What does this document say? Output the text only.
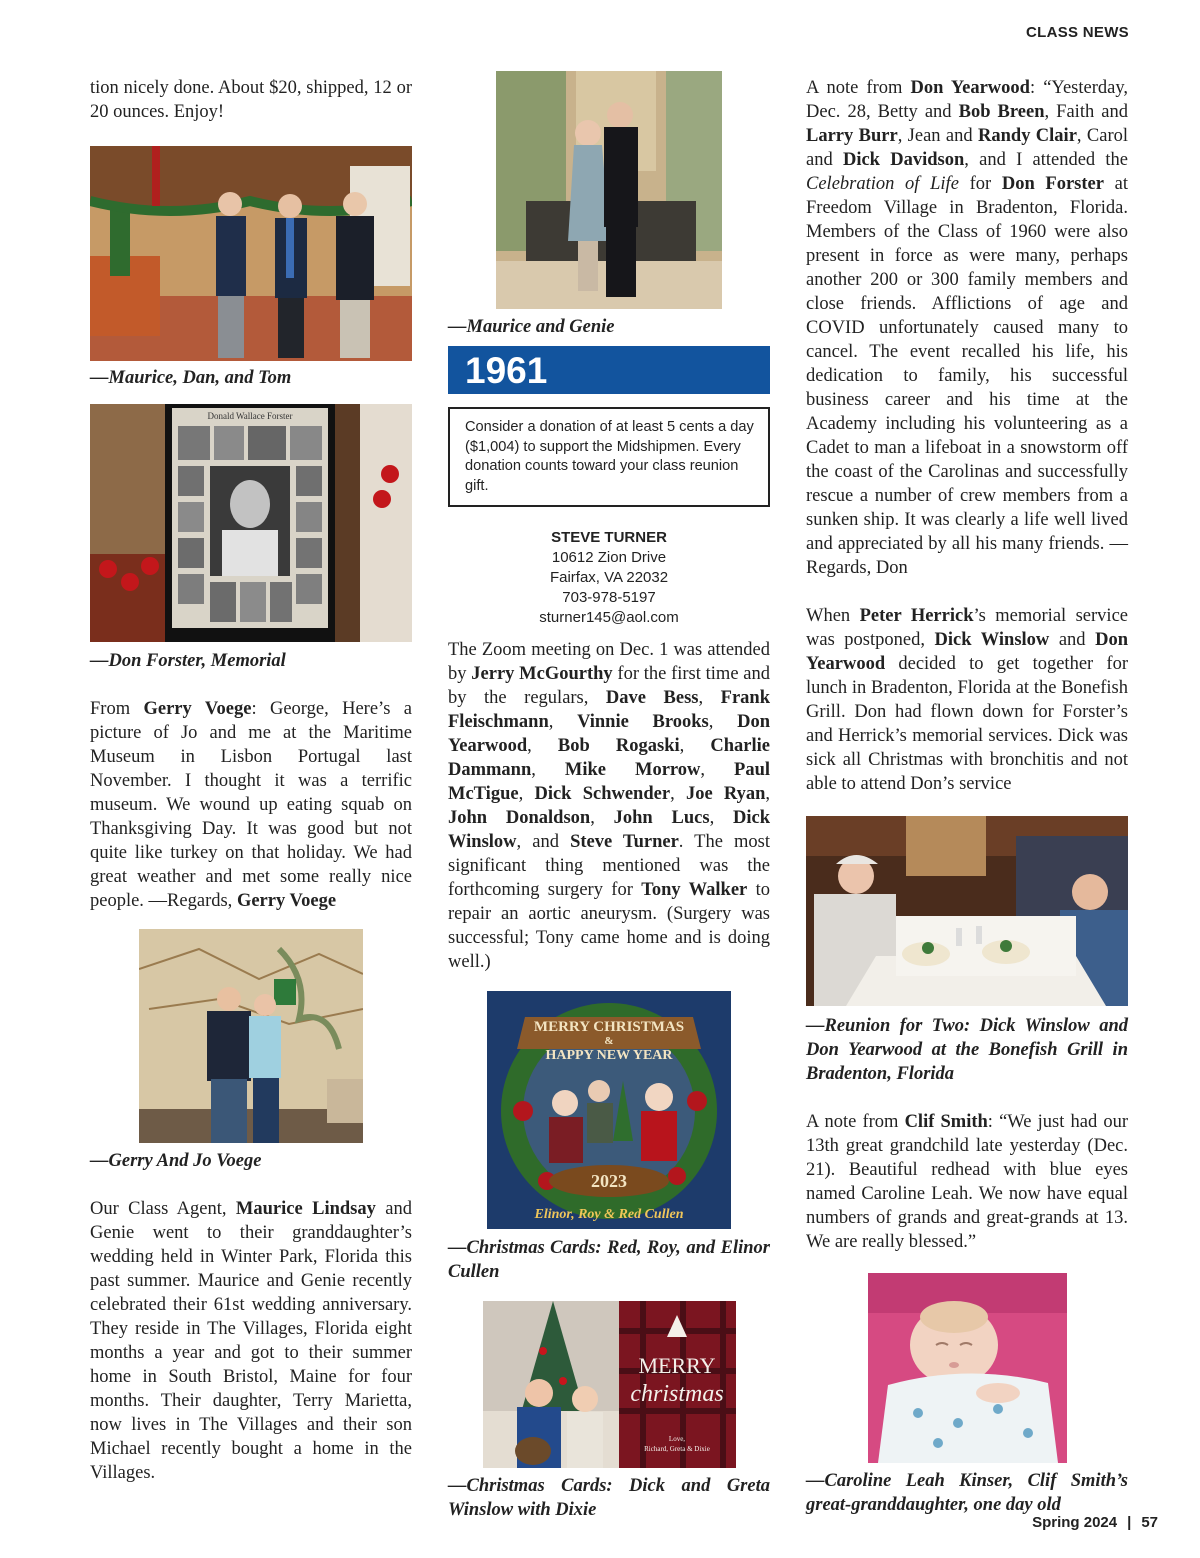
CLASS NEWS

tion nicely done. About $20, shipped, 12 or 20 ounces. Enjoy!

—Maurice, Dan, and Tom
Donald Wallace Forster
—Don Forster, Memorial

From Gerry Voege: George, Here’s a picture of Jo and me at the Maritime Museum in Lisbon Portugal last November. I thought it was a terrific museum. We wound up eating squab on Thanksgiving Day. It was good but not quite like turkey on that holiday. We had great weather and met some really nice people. —Regards, Gerry Voege

—Gerry And Jo Voege

Our Class Agent, Maurice Lindsay and Genie went to their granddaughter’s wedding held in Winter Park, Florida this past summer. Maurice and Genie recently celebrated their 61st wedding anniversary. They reside in The Villages, Florida eight months a year and got to their summer home in South Bristol, Maine for four months. Their daughter, Terry Marietta, now lives in The Villages and their son Michael recently bought a home in the Villages.

—Maurice and Genie
1961
Consider a donation of at least 5 cents a day ($1,004) to support the Midshipmen. Every donation counts toward your class reunion gift.
STEVE TURNER
10612 Zion Drive
Fairfax, VA 22032
703-978-5197
sturner145@aol.com

The Zoom meeting on Dec. 1 was attended by Jerry McGourthy for the first time and by the regulars, Dave Bess, Frank Fleischmann, Vinnie Brooks, Don Yearwood, Bob Rogaski, Charlie Dammann, Mike Morrow, Paul McTigue, Dick Schwender, Joe Ryan, John Donaldson, John Lucs, Dick Winslow, and Steve Turner. The most significant thing mentioned was the forthcoming surgery for Tony Walker to repair an aortic aneurysm. (Surgery was successful; Tony came home and is doing well.)

MERRY CHRISTMAS
&
HAPPY NEW YEAR
2023
Elinor, Roy & Red Cullen
—Christmas Cards: Red, Roy, and Elinor Cullen
MERRY
christmas
Love,
Richard, Greta & Dixie
—Christmas Cards: Dick and Greta Winslow with Dixie

A note from Don Yearwood: “Yesterday, Dec. 28, Betty and Bob Breen, Faith and Larry Burr, Jean and Randy Clair, Carol and Dick Davidson, and I attended the Celebration of Life for Don Forster at Freedom Village in Bradenton, Florida. Members of the Class of 1960 were also present in force as were many, perhaps another 200 or 300 family members and close friends. Afflictions of age and COVID unfortunately caused many to cancel. The event recalled his life, his dedication to family, his successful business career and his time at the Academy including his volunteering as a Cadet to man a lifeboat in a snowstorm off the coast of the Carolinas and successfully rescue a number of crew members from a sunken ship. It was clearly a life well lived and appreciated by all his many friends. —Regards, Don

When Peter Herrick’s memorial service was postponed, Dick Winslow and Don Yearwood decided to get together for lunch in Bradenton, Florida at the Bonefish Grill. Don had flown down for Forster’s and Herrick’s memorial services. Dick was sick all Christmas with bronchitis and not able to attend Don’s service

—Reunion for Two: Dick Winslow and Don Yearwood at the Bonefish Grill in Bradenton, Florida

A note from Clif Smith: “We just had our 13th great grandchild late yesterday (Dec. 21). Beautiful redhead with blue eyes named Caroline Leah. We now have equal numbers of grands and great-grands at 13. We are really blessed.”

—Caroline Leah Kinser, Clif Smith’s great-granddaughter, one day old
Spring 2024 | 57
